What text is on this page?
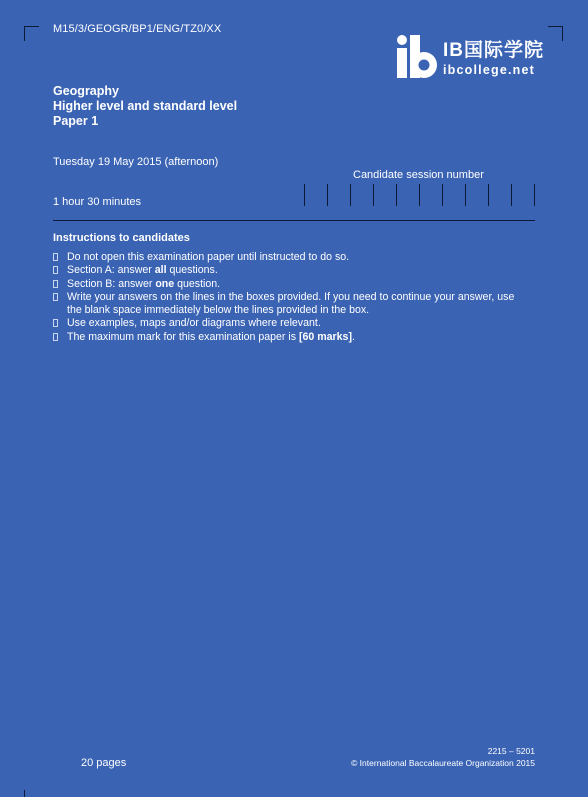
M15/3/GEOGR/BP1/ENG/TZ0/XX
IB国际学院
ibcollege.net
Geography
Higher level and standard level
Paper 1
Tuesday 19 May 2015 (afternoon)
1 hour 30 minutes
Candidate session number
Instructions to candidates
Do not open this examination paper until instructed to do so.
Section A: answer all questions.
Section B: answer one question.
Write your answers on the lines in the boxes provided. If you need to continue your answer, use the blank space immediately below the lines provided in the box.
Use examples, maps and/or diagrams where relevant.
The maximum mark for this examination paper is [60 marks].
20 pages
2215 – 5201
© International Baccalaureate Organization 2015
